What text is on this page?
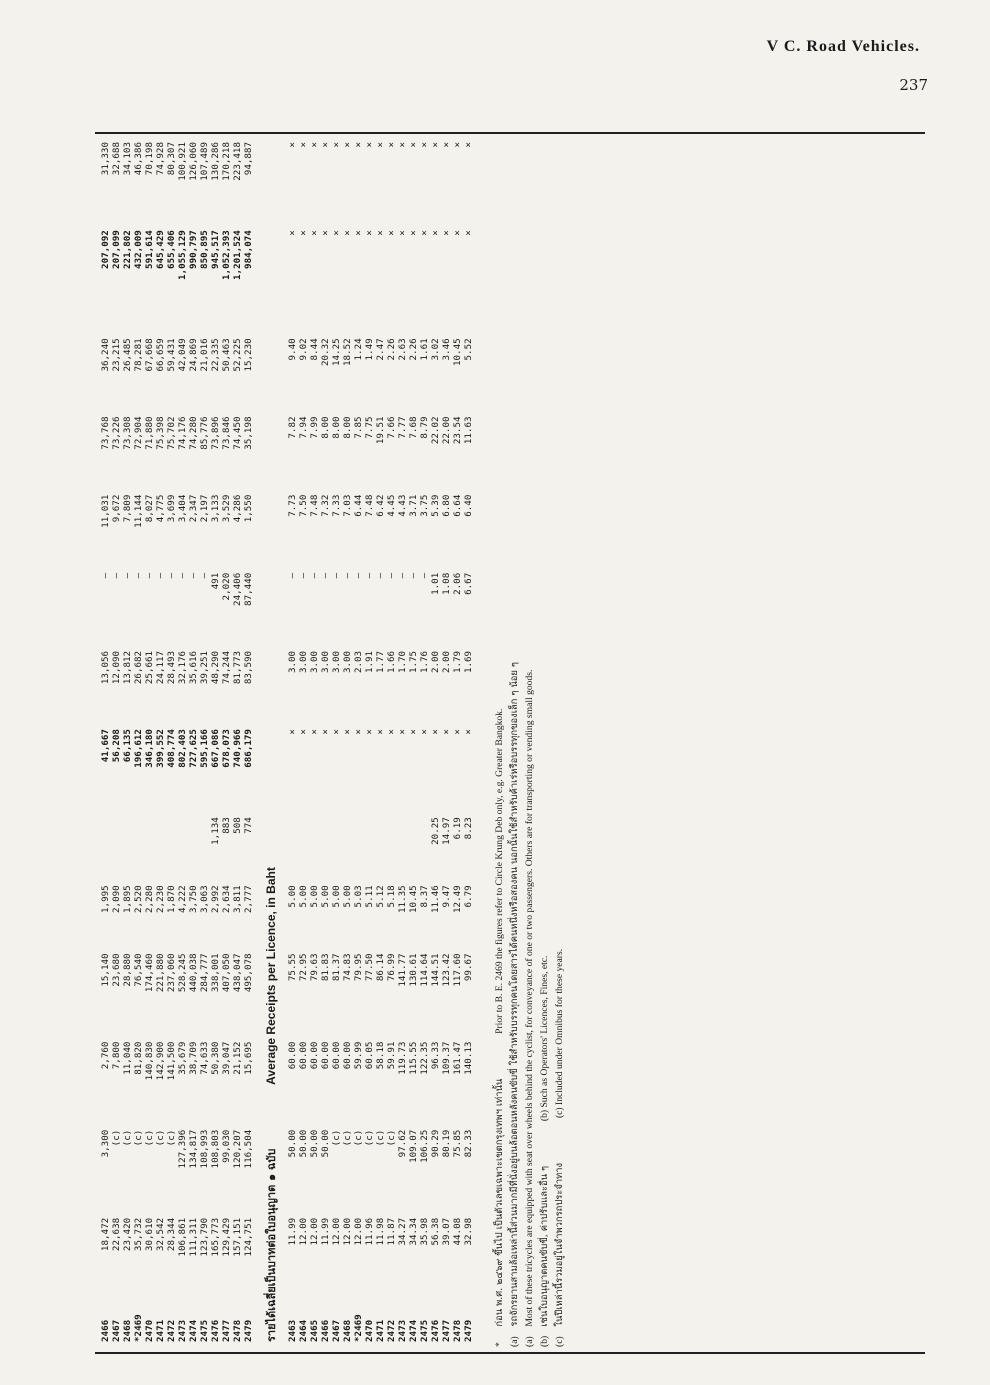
V C. Road Vehicles.
237
2466	18,472	3,300	2,760	15,140	1,995		41,667	13,056	—	11,031	73,768	36,240	207,092	31,330
2467	22,638	(c)	7,800	23,680	2,090		56,208	12,090	—	9,672	73,226	23,215	207,099	32,688
2468	23,420	(c)	11,040	28,880	1,895		66,135	13,812	—	7,809	73,308	26,485	221,802	34,103
*2469	35,732	(c)	81,820	76,540	2,520		196,612	26,682	—	11,144	72,904	78,281	432,009	46,386
2470	30,610	(c)	140,830	174,460	2,280		346,180	25,661	—	8,027	71,880	67,668	591,614	70,198
2471	32,542	(c)	142,900	221,880	2,230		399,552	24,117	—	4,775	75,398	66,659	645,429	74,928
2472	28,344	(c)	141,500	237,060	1,870		408,774	28,493	—	3,699	75,702	59,431	655,406	80,307
2473	106,861	127,396	35,679	528,245	4,222		802,403	32,176	—	3,404	74,176	42,049	1,055,129	100,921
2474	111,311	134,817	38,709	440,038	3,750		727,625	35,616	—	2,347	74,280	24,869	990,797	126,060
2475	123,790	108,993	74,633	284,777	3,063		595,166	39,251	—	2,197	85,776	21,016	850,895	107,489
2476	165,773	108,803	50,380	338,001	2,992	1,134	667,086	48,290	491	3,133	73,896	22,335	945,517	130,286
2477	129,429	99,030	39,047	407,050	2,634	883	678,073	74,244	2,020	3,529	73,846	50,463	1,052,393	170,218
2478	157,151	120,207	21,152	438,047	3,811	508	740,966	81,773	24,406	4,286	74,450	52,225	1,201,524	223,418
2479	124,751	116,504	15,695	495,078	2,777	774	686,179	83,590	87,440	1,550	35,198	15,230	984,074	94,887
รายได้เฉลี่ยเป็นบาทต่อใบอนุญาต ๑ ฉบับ Average Receipts per Licence, in Baht														
2463	11.99	50.00	60.00	75.55	5.00		×	3.00	—	7.73	7.82	9.40	×	×
2464	12.00	50.00	60.00	72.95	5.00		×	3.00	—	7.50	7.94	9.02	×	×
2465	12.00	50.00	60.00	79.63	5.00		×	3.00	—	7.48	7.99	8.44	×	×
2466	11.99	50.00	60.00	81.83	5.00		×	3.00	—	7.32	8.00	20.32	×	×
2467	12.00	(c)	60.00	81.37	5.00		×	3.00	—	7.33	8.00	14.25	×	×
2468	12.00	(c)	60.00	74.83	5.00		×	3.00	—	7.03	8.00	18.52	×	×
*2469	12.00	(c)	59.99	79.95	5.03		×	2.03	—	6.44	7.85	1.24	×	×
2470	11.96	(c)	60.05	77.50	5.11		×	1.91	—	7.48	7.75	1.49	×	×
2471	11.98	(c)	58.18	86.14	5.12		×	1.77	—	6.42	19.51	2.47	×	×
2472	11.87	(c)	59.91	76.99	5.18		×	1.66	—	4.45	7.66	2.26	×	×
2473	34.27	97.62	119.73	141.77	11.35		×	1.70	—	4.43	7.77	2.63	×	×
2474	34.34	109.07	115.55	130.61	10.45		×	1.75	—	3.71	7.68	2.26	×	×
2475	35.98	106.25	122.35	114.64	8.37		×	1.76	—	3.75	8.79	1.61	×	×
2476	56.38	90.29	96.33	144.51	11.46	20.25	×	2.00	1.01	5.39	22.02	3.02	×	×
2477	39.07	80.19	109.37	123.42	9.47	14.97	×	2.00	1.08	6.80	22.00	3.46	×	×
2478	44.08	75.85	161.47	117.60	12.49	6.19	×	1.79	2.06	6.64	23.54	10.45	×	×
2479	32.98	82.33	140.13	99.67	6.79	8.23	×	1.69	6.67	6.40	11.63	5.52	×	×
* ก่อน พ.ศ. ๒๔๖๙ ขึ้นไป เป็นตัวเลขเฉพาะเขตกรุงเทพฯ เท่านั้น  Prior to B. E. 2469 the figures refer to Circle Krung Deb only, e.g. Greater Bangkok.
(a) รถจักรยานสามล้อเหล่านี้ส่วนมากมีที่นั่งอยู่บนล้อตอนหลังคนขับขี่ ใช้สำหรับบรรทุกคนโดยสารได้คนหนึ่งหรือสองคน นอกนั้นใช้สำหรับค้าเร่หรือบรรทุกของเล็ก ๆ น้อย ๆ
(a) Most of these tricycles are equipped with seat over wheels behind the cyclist, for conveyance of one or two passengers. Others are for transporting or vending small goods.
(b) เช่นใบอนุญาตคนขับขี่, ค่าปรับและอื่น ๆ  (b) Such as Operators' Licences, Fines, etc.
(c) ในปีเหล่านี้รวมอยู่ในจำพวกรถประจำทาง  (c) Included under Omnibus for these years.
